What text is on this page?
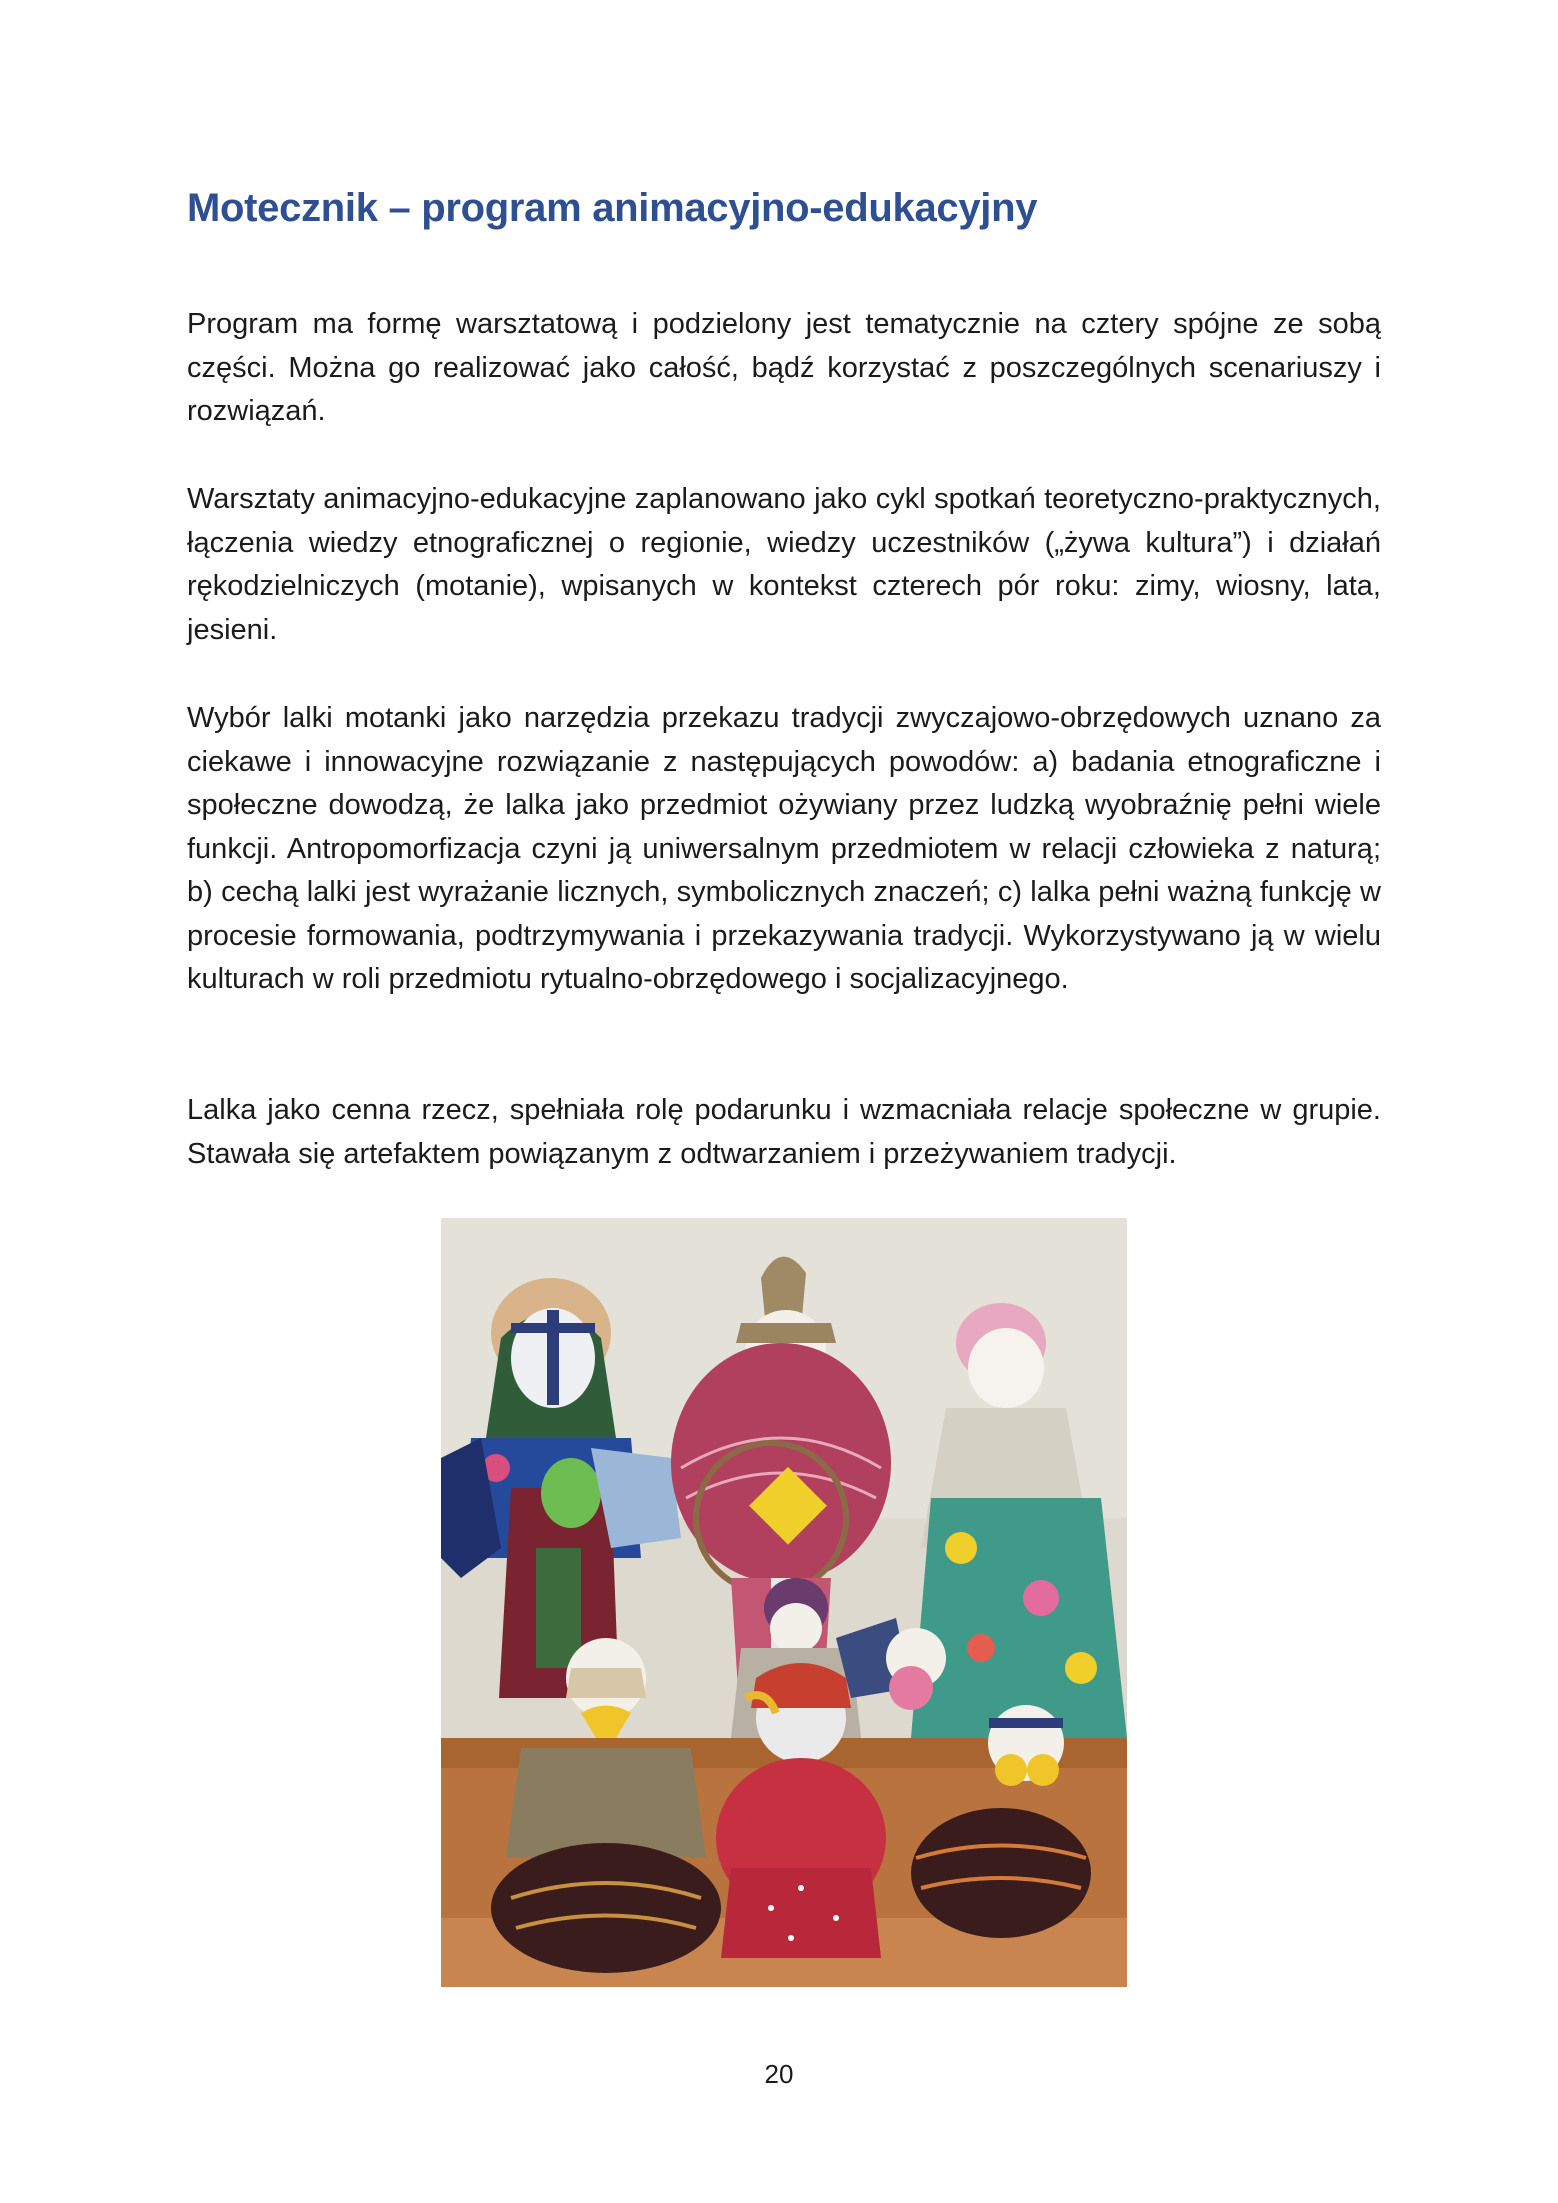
Motecznik – program animacyjno-edukacyjny

Program ma formę warsztatową i podzielony jest tematycznie na cztery spójne ze sobą części. Można go realizować jako całość, bądź korzystać z poszczególnych scenariuszy i rozwiązań.

Warsztaty animacyjno-edukacyjne zaplanowano jako cykl spotkań teoretyczno-praktycznych, łączenia wiedzy etnograficznej o regionie, wiedzy uczestników („żywa kultura”) i działań rękodzielniczych (motanie), wpisanych w kontekst czterech pór roku: zimy, wiosny, lata, jesieni.

Wybór lalki motanki jako narzędzia przekazu tradycji zwyczajowo-obrzędowych uznano za ciekawe i innowacyjne rozwiązanie z następujących powodów: a) badania etnograficzne i społeczne dowodzą, że lalka jako przedmiot ożywiany przez ludzką wyobraźnię pełni wiele funkcji. Antropomorfizacja czyni ją uniwersalnym przedmiotem w relacji człowieka z naturą; b) cechą lalki jest wyrażanie licznych, symbolicznych znaczeń; c) lalka pełni ważną funkcję w procesie formowania, podtrzymywania i przekazywania tradycji. Wykorzystywano ją w wielu kulturach w roli przedmiotu rytualno-obrzędowego i socjalizacyjnego.

Lalka jako cenna rzecz, spełniała rolę podarunku i wzmacniała relacje społeczne w grupie. Stawała się artefaktem powiązanym z odtwarzaniem i przeżywaniem tradycji.

20
